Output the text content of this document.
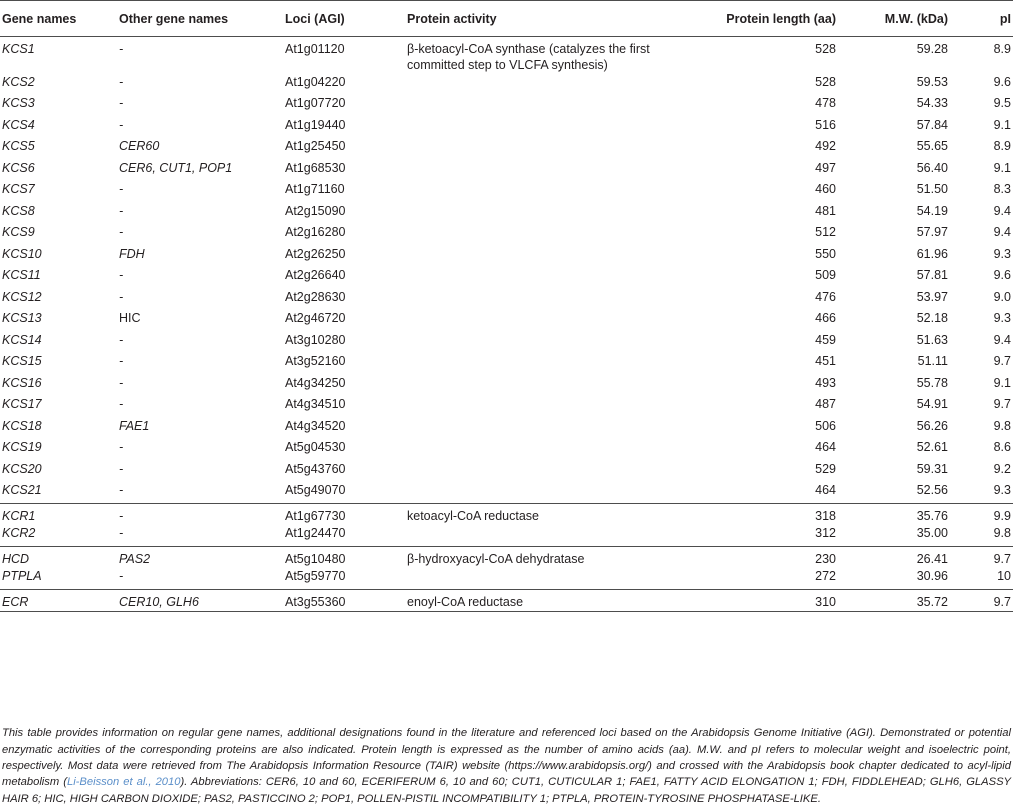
Gene names	Other gene names	Loci (AGI)	Protein activity	Protein length (aa)	M.W. (kDa)	pI
KCS1	-	At1g01120	β-ketoacyl-CoA synthase (catalyzes the first committed step to VLCFA synthesis)	528	59.28	8.9
KCS2	-	At1g04220		528	59.53	9.6
KCS3	-	At1g07720		478	54.33	9.5
KCS4	-	At1g19440		516	57.84	9.1
KCS5	CER60	At1g25450		492	55.65	8.9
KCS6	CER6, CUT1, POP1	At1g68530		497	56.40	9.1
KCS7	-	At1g71160		460	51.50	8.3
KCS8	-	At2g15090		481	54.19	9.4
KCS9	-	At2g16280		512	57.97	9.4
KCS10	FDH	At2g26250		550	61.96	9.3
KCS11	-	At2g26640		509	57.81	9.6
KCS12	-	At2g28630		476	53.97	9.0
KCS13	HIC	At2g46720		466	52.18	9.3
KCS14	-	At3g10280		459	51.63	9.4
KCS15	-	At3g52160		451	51.11	9.7
KCS16	-	At4g34250		493	55.78	9.1
KCS17	-	At4g34510		487	54.91	9.7
KCS18	FAE1	At4g34520		506	56.26	9.8
KCS19	-	At5g04530		464	52.61	8.6
KCS20	-	At5g43760		529	59.31	9.2
KCS21	-	At5g49070		464	52.56	9.3
KCR1	-	At1g67730	ketoacyl-CoA reductase	318	35.76	9.9
KCR2	-	At1g24470		312	35.00	9.8
HCD	PAS2	At5g10480	β-hydroxyacyl-CoA dehydratase	230	26.41	9.7
PTPLA	-	At5g59770		272	30.96	10
ECR	CER10, GLH6	At3g55360	enoyl-CoA reductase	310	35.72	9.7

This table provides information on regular gene names, additional designations found in the literature and referenced loci based on the Arabidopsis Genome Initiative (AGI). Demonstrated or potential enzymatic activities of the corresponding proteins are also indicated. Protein length is expressed as the number of amino acids (aa). M.W. and pI refers to molecular weight and isoelectric point, respectively. Most data were retrieved from The Arabidopsis Information Resource (TAIR) website (https://www.arabidopsis.org/) and crossed with the Arabidopsis book chapter dedicated to acyl-lipid metabolism (Li-Beisson et al., 2010). Abbreviations: CER6, 10 and 60, ECERIFERUM 6, 10 and 60; CUT1, CUTICULAR 1; FAE1, FATTY ACID ELONGATION 1; FDH, FIDDLEHEAD; GLH6, GLASSY HAIR 6; HIC, HIGH CARBON DIOXIDE; PAS2, PASTICCINO 2; POP1, POLLEN-PISTIL INCOMPATIBILITY 1; PTPLA, PROTEIN-TYROSINE PHOSPHATASE-LIKE.
